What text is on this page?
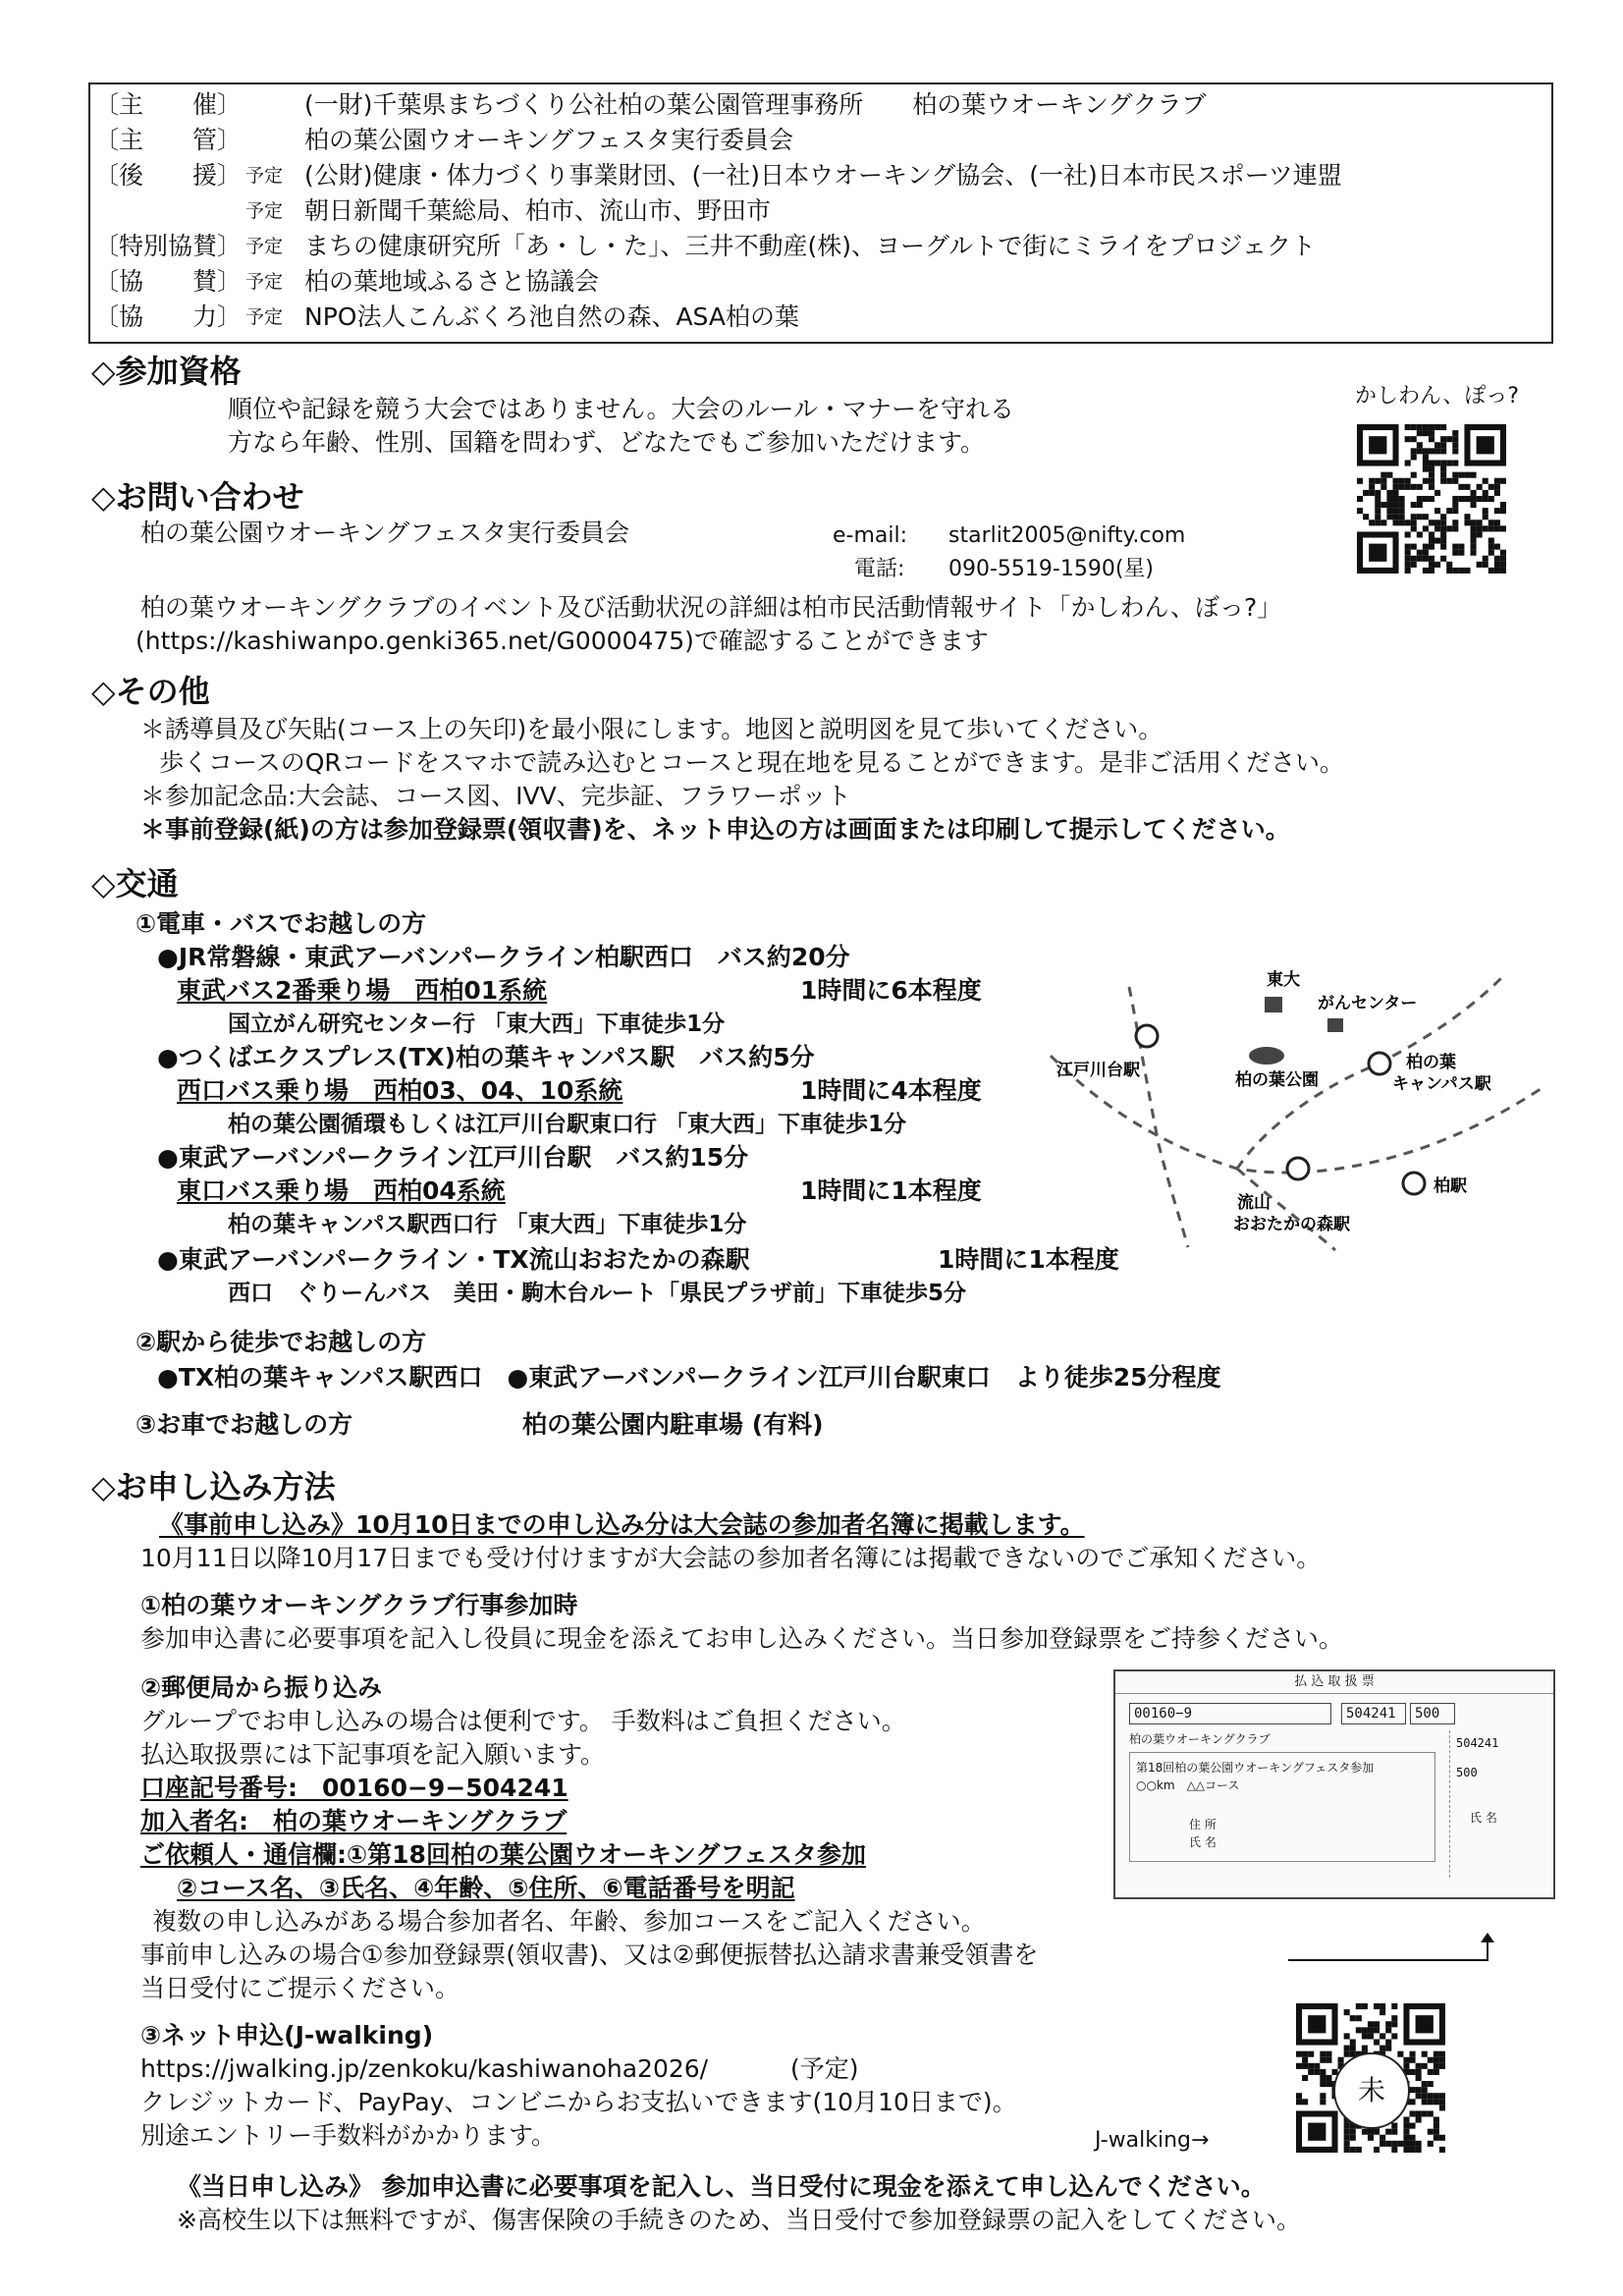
〔主　　催〕	(一財)千葉県まちづくり公社柏の葉公園管理事務所　　柏の葉ウオーキングクラブ
〔主　　管〕	柏の葉公園ウオーキングフェスタ実行委員会
〔後　　援〕 予定 (公財)健康・体力づくり事業財団、(一社)日本ウオーキング協会、(一社)日本市民スポーツ連盟
予定 朝日新聞千葉総局、柏市、流山市、野田市
〔特別協賛〕 予定 まちの健康研究所「あ・し・た」、三井不動産(株)、ヨーグルトで街にミライをプロジェクト
〔協　　賛〕 予定 柏の葉地域ふるさと協議会
〔協　　力〕 予定 NPO法人こんぶくろ池自然の森、ASA柏の葉
◇参加資格
順位や記録を競う大会ではありません。大会のルール・マナーを守れる
方なら年齢、性別、国籍を問わず、どなたでもご参加いただけます。
かしわん、ぽっ?
◇お問い合わせ
柏の葉公園ウオーキングフェスタ実行委員会	e-mail: starlit2005@nifty.com
電話: 090-5519-1590(星)
柏の葉ウオーキングクラブのイベント及び活動状況の詳細は柏市民活動情報サイト「かしわん、ぼっ?」
(https://kashiwanpo.genki365.net/G0000475)で確認することができます
◇その他
＊誘導員及び矢貼(コース上の矢印)を最小限にします。地図と説明図を見て歩いてください。
歩くコースのQRコードをスマホで読み込むとコースと現在地を見ることができます。是非ご活用ください。
＊参加記念品:大会誌、コース図、IVV、完歩証、フラワーポット
＊事前登録(紙)の方は参加登録票(領収書)を、ネット申込の方は画面または印刷して提示してください。
◇交通
①電車・バスでお越しの方
●JR常磐線・東武アーバンパークライン柏駅西口　バス約20分
東武バス2番乗り場　西柏01系統	1時間に6本程度
国立がん研究センター行 「東大西」下車徒歩1分
●つくばエクスプレス(TX)柏の葉キャンパス駅　バス約5分
西口バス乗り場　西柏03、04、10系統	1時間に4本程度
柏の葉公園循環もしくは江戸川台駅東口行 「東大西」下車徒歩1分
●東武アーバンパークライン江戸川台駅　バス約15分
東口バス乗り場　西柏04系統	1時間に1本程度
柏の葉キャンパス駅西口行 「東大西」下車徒歩1分
●東武アーバンパークライン・TX流山おおたかの森駅	1時間に1本程度
西口　ぐりーんバス　美田・駒木台ルート「県民プラザ前」下車徒歩5分
②駅から徒歩でお越しの方
●TX柏の葉キャンパス駅西口　●東武アーバンパークライン江戸川台駅東口　より徒歩25分程度
③お車でお越しの方	柏の葉公園内駐車場 (有料)
東大
がんセンター
江戸川台駅	柏の葉公園
柏の葉
キャンパス駅
流山
おおたかの森駅
柏駅
◇お申し込み方法
《事前申し込み》10月10日までの申し込み分は大会誌の参加者名簿に掲載します。
10月11日以降10月17日までも受け付けますが大会誌の参加者名簿には掲載できないのでご承知ください。
①柏の葉ウオーキングクラブ行事参加時
参加申込書に必要事項を記入し役員に現金を添えてお申し込みください。当日参加登録票をご持参ください。
②郵便局から振り込み
グループでお申し込みの場合は便利です。 手数料はご負担ください。
払込取扱票には下記事項を記入願います。
口座記号番号:　00160−9−504241
加入者名:　柏の葉ウオーキングクラブ
ご依頼人・通信欄:①第18回柏の葉公園ウオーキングフェスタ参加
②コース名、③氏名、④年齢、⑤住所、⑥電話番号を明記
複数の申し込みがある場合参加者名、年齢、参加コースをご記入ください。
事前申し込みの場合①参加登録票(領収書)、又は②郵便振替払込請求書兼受領書を
当日受付にご提示ください。
払 込 取 扱 票
00160−9	504241	500
柏の葉ウオーキングクラブ
第18回柏の葉公園ウオーキングフェスタ参加
○○km　△△コース
住 所
氏 名
504241
500
氏 名
③ネット申込(J-walking)
https://jwalking.jp/zenkoku/kashiwanoha2026/	(予定)
クレジットカード、PayPay、コンビニからお支払いできます(10月10日まで)。
別途エントリー手数料がかかります。	J-walking→
未
《当日申し込み》 参加申込書に必要事項を記入し、当日受付に現金を添えて申し込んでください。
※高校生以下は無料ですが、傷害保険の手続きのため、当日受付で参加登録票の記入をしてください。
